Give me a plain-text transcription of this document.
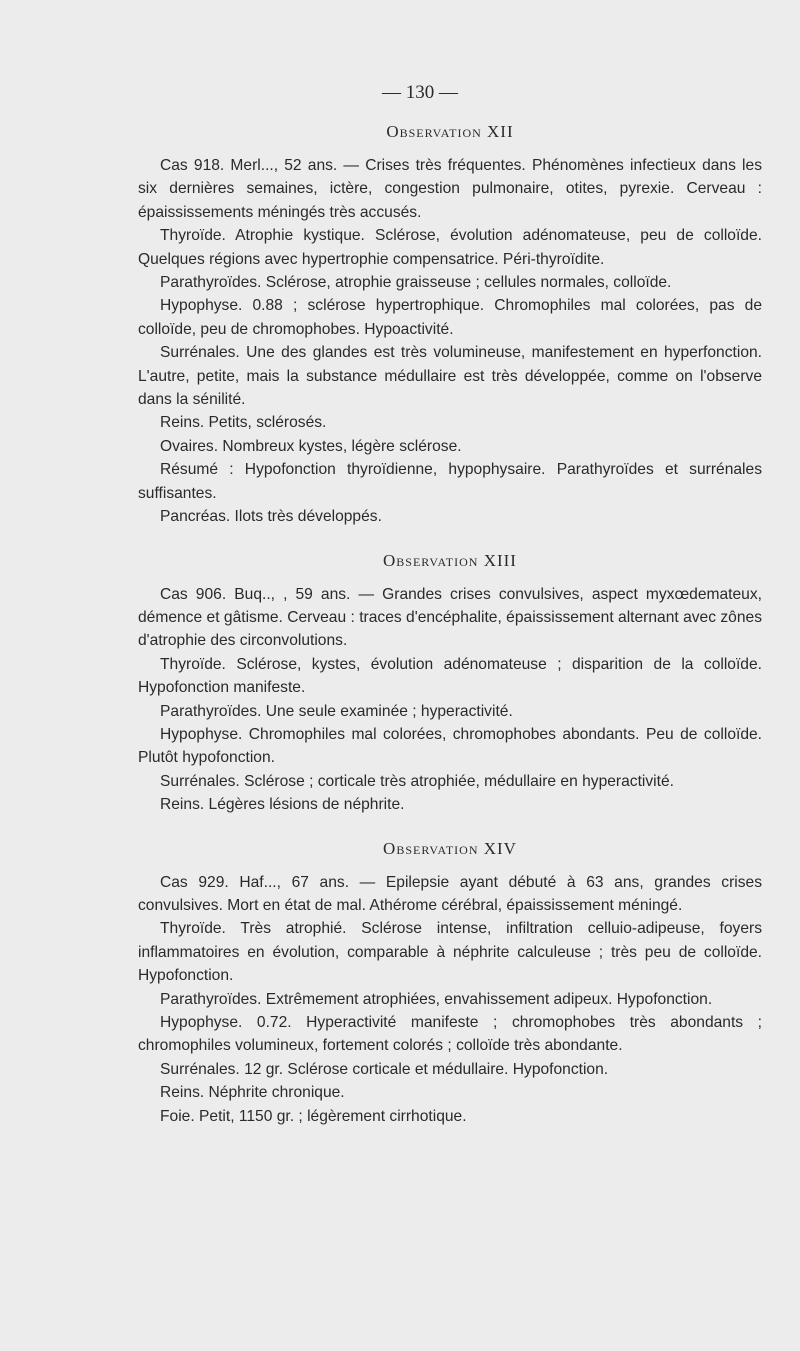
— 130 —
Observation XII

Cas 918. Merl..., 52 ans. — Crises très fréquentes. Phénomènes infectieux dans les six dernières semaines, ictère, congestion pulmonaire, otites, pyrexie. Cerveau : épaississements méningés très accusés.

Thyroïde. Atrophie kystique. Sclérose, évolution adénomateuse, peu de colloïde. Quelques régions avec hypertrophie compensatrice. Péri-thyroïdite.

Parathyroïdes. Sclérose, atrophie graisseuse ; cellules normales, colloïde.

Hypophyse. 0.88 ; sclérose hypertrophique. Chromophiles mal colorées, pas de colloïde, peu de chromophobes. Hypoactivité.

Surrénales. Une des glandes est très volumineuse, manifestement en hyperfonction. L'autre, petite, mais la substance médullaire est très développée, comme on l'observe dans la sénilité.

Reins. Petits, sclérosés.

Ovaires. Nombreux kystes, légère sclérose.

Résumé : Hypofonction thyroïdienne, hypophysaire. Parathyroïdes et surrénales suffisantes.

Pancréas. Ilots très développés.

Observation XIII

Cas 906. Buq.., , 59 ans. — Grandes crises convulsives, aspect myxœdemateux, démence et gâtisme. Cerveau : traces d'encéphalite, épaississement alternant avec zônes d'atrophie des circonvolutions.

Thyroïde. Sclérose, kystes, évolution adénomateuse ; disparition de la colloïde. Hypofonction manifeste.

Parathyroïdes. Une seule examinée ; hyperactivité.

Hypophyse. Chromophiles mal colorées, chromophobes abondants. Peu de colloïde. Plutôt hypofonction.

Surrénales. Sclérose ; corticale très atrophiée, médullaire en hyperactivité.

Reins. Légères lésions de néphrite.

Observation XIV

Cas 929. Haf..., 67 ans. — Epilepsie ayant débuté à 63 ans, grandes crises convulsives. Mort en état de mal. Athérome cérébral, épaississement méningé.

Thyroïde. Très atrophié. Sclérose intense, infiltration celluio-adipeuse, foyers inflammatoires en évolution, comparable à néphrite calculeuse ; très peu de colloïde. Hypofonction.

Parathyroïdes. Extrêmement atrophiées, envahissement adipeux. Hypofonction.

Hypophyse. 0.72. Hyperactivité manifeste ; chromophobes très abondants ; chromophiles volumineux, fortement colorés ; colloïde très abondante.

Surrénales. 12 gr. Sclérose corticale et médullaire. Hypofonction.

Reins. Néphrite chronique.

Foie. Petit, 1150 gr. ; légèrement cirrhotique.
